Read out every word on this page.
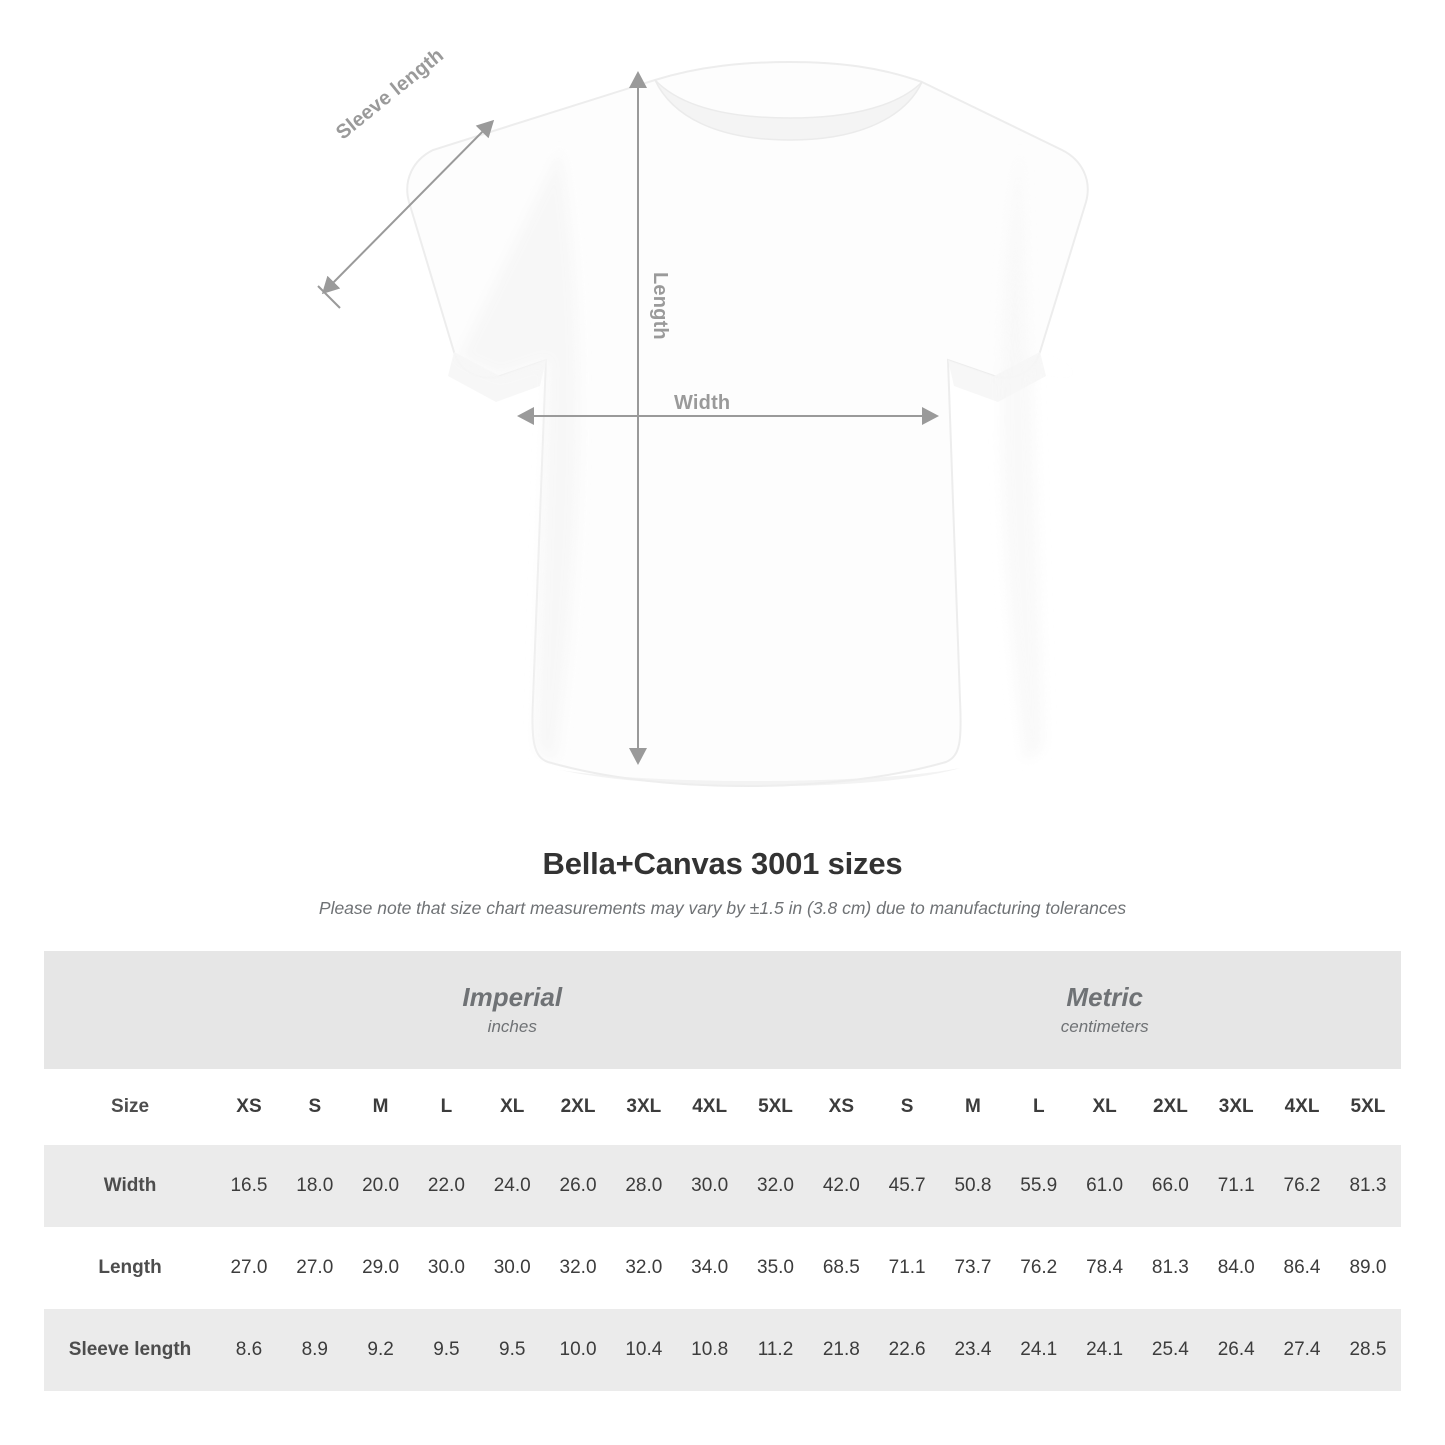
Width
Length
Sleeve length
Bella+Canvas 3001 sizes

Please note that size chart measurements may vary by ±1.5 in (3.8 cm) due to manufacturing tolerances

Imperial
inches

Metric
centimeters

Size	XS	S	M	L	XL	2XL	3XL	4XL	5XL	XS	S	M	L	XL	2XL	3XL	4XL	5XL
Width	16.5	18.0	20.0	22.0	24.0	26.0	28.0	30.0	32.0	42.0	45.7	50.8	55.9	61.0	66.0	71.1	76.2	81.3
Length	27.0	27.0	29.0	30.0	30.0	32.0	32.0	34.0	35.0	68.5	71.1	73.7	76.2	78.4	81.3	84.0	86.4	89.0
Sleeve length	8.6	8.9	9.2	9.5	9.5	10.0	10.4	10.8	11.2	21.8	22.6	23.4	24.1	24.1	25.4	26.4	27.4	28.5
